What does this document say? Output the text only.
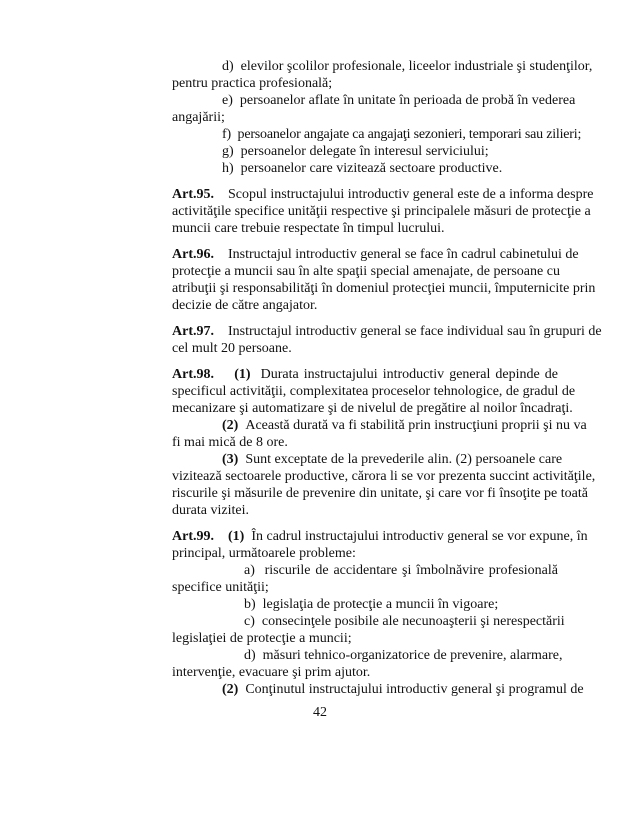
d)  elevilor şcolilor profesionale, liceelor industriale şi studenţilor,
pentru practica profesională;
e)  persoanelor aflate în unitate în perioada de probă în vederea
angajării;
f)  persoanelor angajate ca angajaţi sezonieri, temporari sau zilieri;
g)  persoanelor delegate în interesul serviciului;
h)  persoanelor care vizitează sectoare productive.
Art.95. Scopul instructajului introductiv general este de a informa despre
activităţile specifice unităţii respective şi principalele măsuri de protecţie a
muncii care trebuie respectate în timpul lucrului.
Art.96. Instructajul introductiv general se face în cadrul cabinetului de
protecţie a muncii sau în alte spaţii special amenajate, de persoane cu
atribuţii şi responsabilităţi în domeniul protecţiei muncii, împuternicite prin
decizie de către angajator.
Art.97. Instructajul introductiv general se face individual sau în grupuri de
cel mult 20 persoane.
Art.98. (1) Durata instructajului introductiv general depinde de
specificul activităţii, complexitatea proceselor tehnologice, de gradul de
mecanizare şi automatizare şi de nivelul de pregătire al noilor încadraţi.
(2) Această durată va fi stabilită prin instrucţiuni proprii şi nu va
fi mai mică de 8 ore.
(3) Sunt exceptate de la prevederile alin. (2) persoanele care
vizitează sectoarele productive, cărora li se vor prezenta succint activităţile,
riscurile şi măsurile de prevenire din unitate, şi care vor fi însoţite pe toată
durata vizitei.
Art.99. (1) În cadrul instructajului introductiv general se vor expune, în
principal, următoarele probleme:
a)  riscurile de accidentare şi îmbolnăvire profesională
specifice unităţii;
b)  legislaţia de protecţie a muncii în vigoare;
c)  consecinţele posibile ale necunoaşterii şi nerespectării
legislaţiei de protecţie a muncii;
d)  măsuri tehnico-organizatorice de prevenire, alarmare,
intervenţie, evacuare şi prim ajutor.
(2) Conţinutul instructajului introductiv general şi programul de
42
